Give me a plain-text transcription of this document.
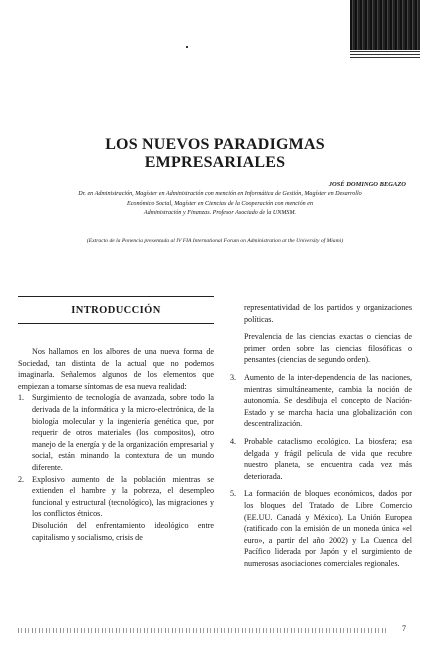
LOS NUEVOS PARADIGMAS
EMPRESARIALES
JOSÉ DOMINGO BEGAZO
Dr. en Administración, Magíster en Administración con mención en Informática de Gestión, Magíster en Desarrollo
Económico Social, Magíster en Ciencias de la Cooperación con mención en
Administración y Finanzas. Profesor Asociado de la UNMSM.
(Extracto de la Ponencia presentada al IV FIA International Forum on Administration at the University of Miami)
INTRODUCCIÓN

Nos hallamos en los albores de una nueva forma de Sociedad, tan distinta de la actual que no podemos imaginarla. Señalemos algunos de los elementos que empiezan a tomarse síntomas de esa nueva realidad:

1. Surgimiento de tecnología de avanzada, sobre todo la derivada de la informática y la micro-electrónica, de la biología molecular y la ingeniería genética que, por requerir de otros materiales (los compositos), otro manejo de la energía y de la organización empresarial y social, están minando la contextura de un mundo diferente.
2. Explosivo aumento de la población mientras se extienden el hambre y la pobreza, el desempleo funcional y estructural (tecnológico), las migraciones y los conflictos étnicos.
Disolución del enfrentamiento ideológico entre capitalismo y socialismo, crisis de
representatividad de los partidos y organizaciones políticas.
Prevalencia de las ciencias exactas o ciencias de primer orden sobre las ciencias filosóficas o pensantes (ciencias de segundo orden).
3. Aumento de la inter-dependencia de las naciones, mientras simultáneamente, cambia la noción de autonomía. Se desdibuja el concepto de Nación-Estado y se marcha hacia una globalización con descentralización.
4. Probable cataclismo ecológico. La biosfera; esa delgada y frágil película de vida que recubre nuestro planeta, se encuentra cada vez más deteriorada.
5. La formación de bloques económicos, dados por los bloques del Tratado de Libre Comercio (EE.UU. Canadá y México). La Unión Europea (ratificado con la emisión de un moneda única «el euro», a partir del año 2002) y La Cuenca del Pacífico liderada por Japón y el surgimiento de numerosas asociaciones comerciales regionales.
7
